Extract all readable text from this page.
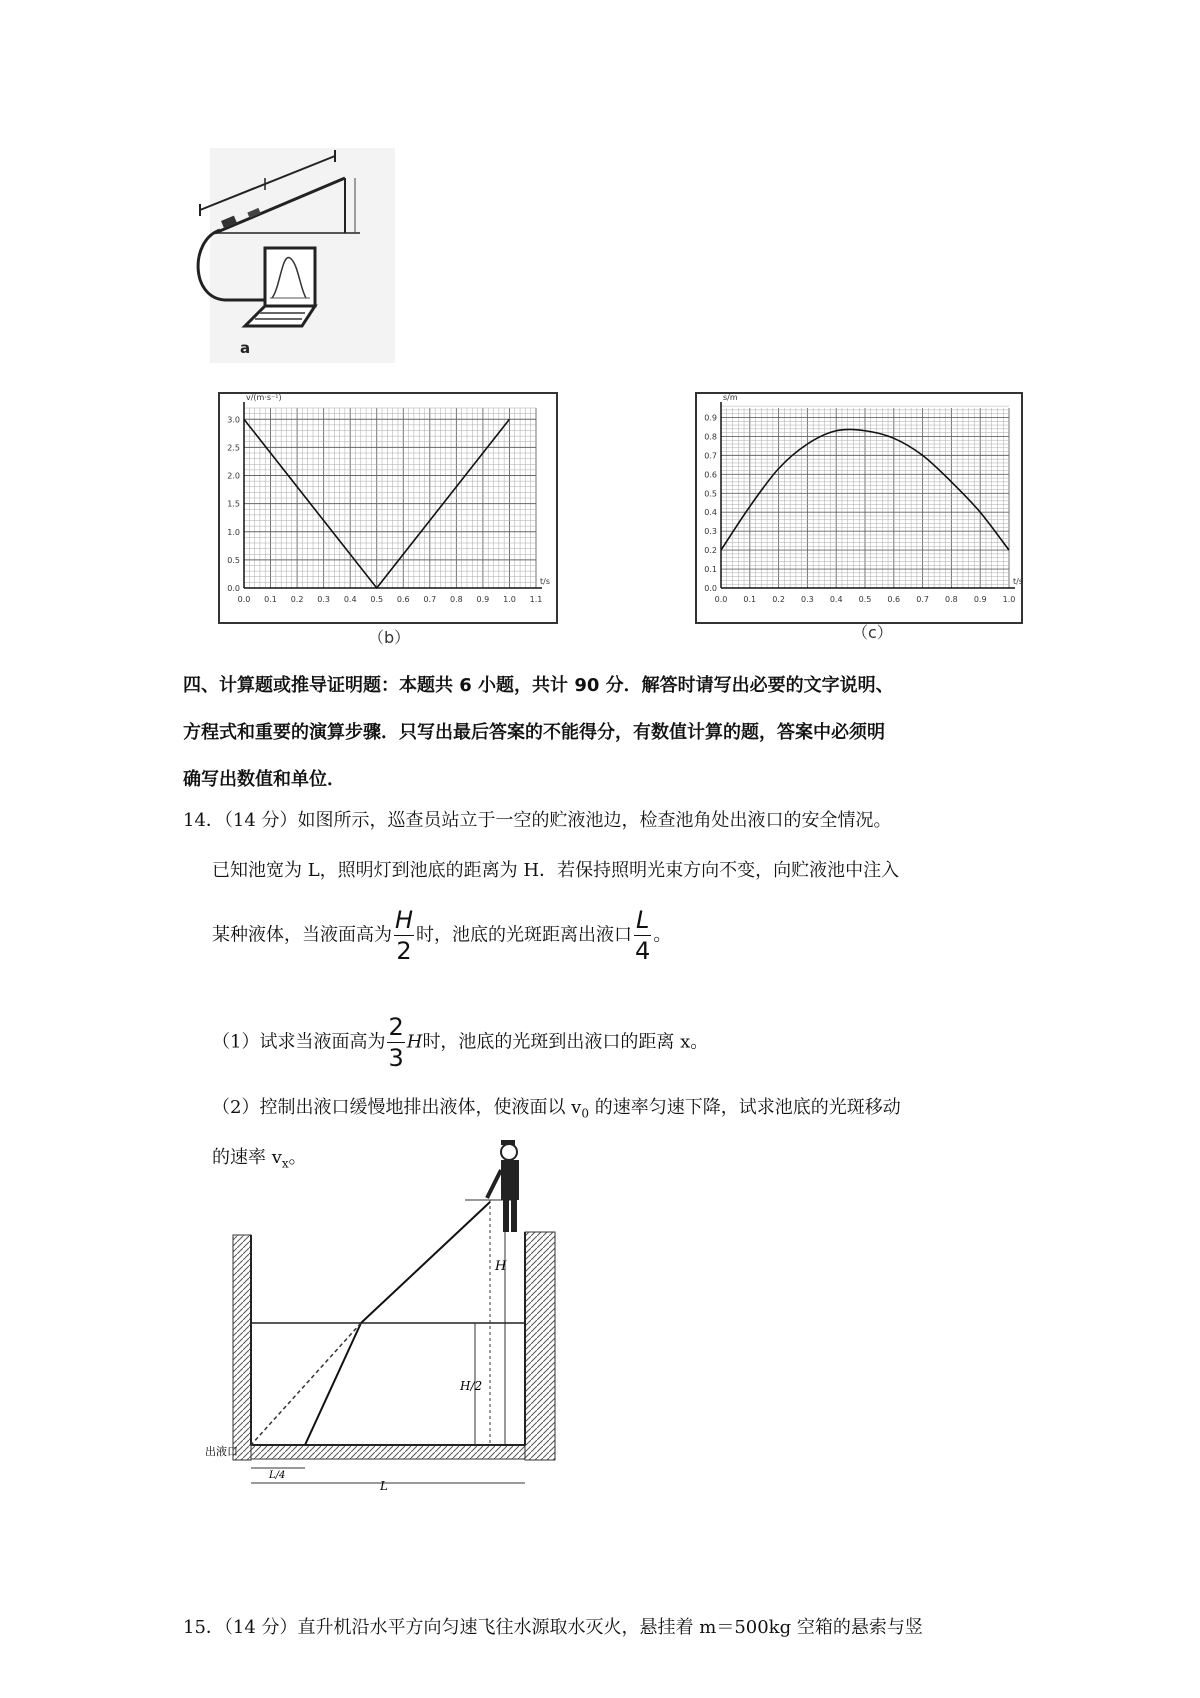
a
0.0 0.1 0.2 0.3 0.4 0.5 0.6 0.7 0.8 0.9 1.0 1.1
0.0
0.5
1.0
1.5
2.0
2.5
3.0
v/(m·s⁻¹)
t/s
（b）
0.0 0.1 0.2 0.3 0.4 0.5 0.6 0.7 0.8 0.9 1.0
0.0
0.1
0.2
0.3
0.4
0.5
0.6
0.7
0.8
0.9
s/m
t/s
（c）
四、计算题或推导证明题：本题共 6 小题，共计 90 分．解答时请写出必要的文字说明、
方程式和重要的演算步骤．只写出最后答案的不能得分，有数值计算的题，答案中必须明
确写出数值和单位．
14．（14 分）如图所示，巡查员站立于一空的贮液池边，检查池角处出液口的安全情况。
已知池宽为 L，照明灯到池底的距离为 H．若保持照明光束方向不变，向贮液池中注入
某种液体，当液面高为 $\frac{H}{2}$ 时，池底的光斑距离出液口 $\frac{L}{4}$ 。
（1）试求当液面高为 $\frac{2}{3}$ H时，池底的光斑到出液口的距离 x。
（2）控制出液口缓慢地排出液体，使液面以 $v_0$ 的速率匀速下降，试求池底的光斑移动
的速率 $v_x$。
H
H/2
出液口
L/4
L
15．（14 分）直升机沿水平方向匀速飞往水源取水灭火，悬挂着 m＝500kg 空箱的悬索与竖
